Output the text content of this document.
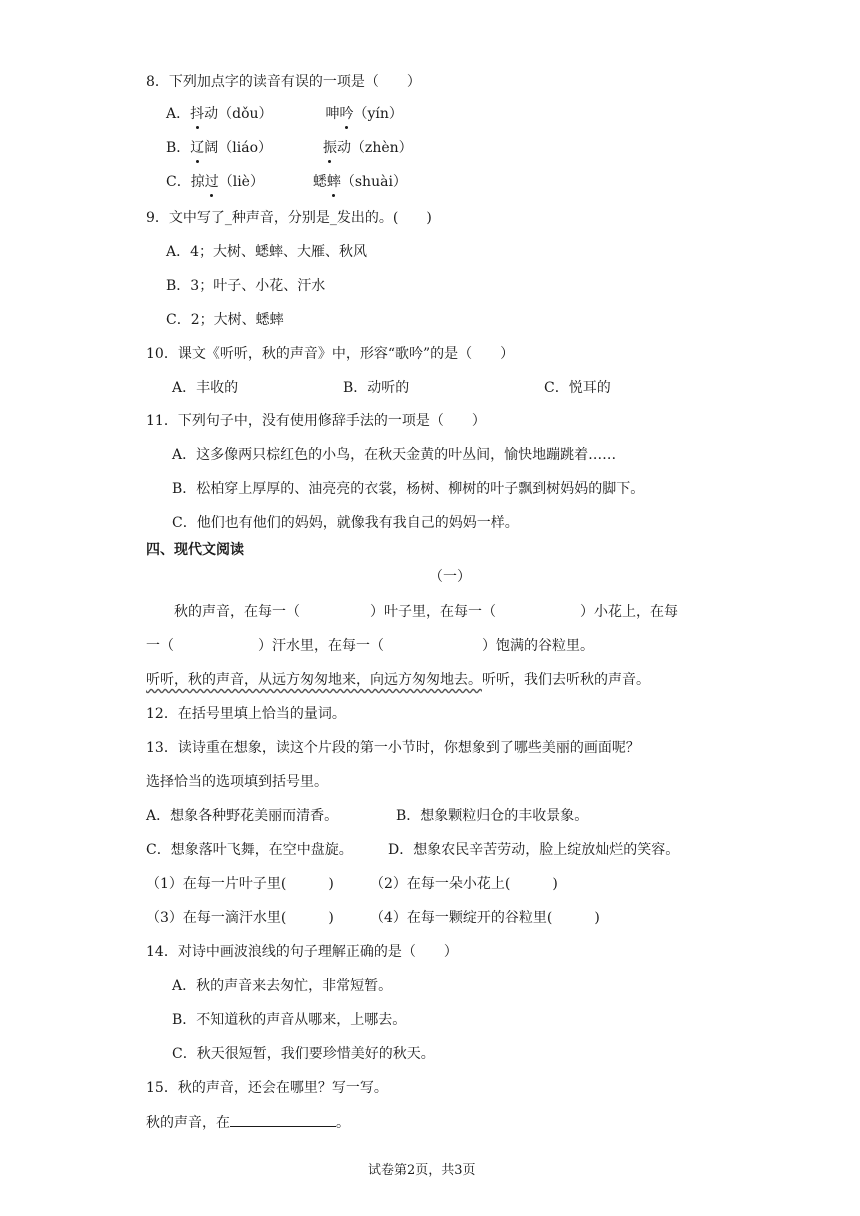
8．下列加点字的读音有误的一项是（　　）
A．抖动（dǒu）	呻吟（yín）
B．辽阔（liáo）	振动（zhèn）
C．掠过（liè）	蟋蟀（shuài）
9．文中写了_种声音，分别是_发出的。(　　)
A．4；大树、蟋蟀、大雁、秋风
B．3；叶子、小花、汗水
C．2；大树、蟋蟀
10．课文《听听，秋的声音》中，形容“歌吟”的是（　　）
A．丰收的	B．动听的	C．悦耳的
11．下列句子中，没有使用修辞手法的一项是（　　）
A．这多像两只棕红色的小鸟，在秋天金黄的叶丛间，愉快地蹦跳着……
B．松柏穿上厚厚的、油亮亮的衣裳，杨树、柳树的叶子飘到树妈妈的脚下。
C．他们也有他们的妈妈，就像我有我自己的妈妈一样。
四、现代文阅读
（一）
秋的声音，在每一（　　　　　）叶子里，在每一（　　　　　　）小花上，在每
一（　　　　　　）汗水里，在每一（　　　　　　　）饱满的谷粒里。
听听，秋的声音，从远方匆匆地来，向远方匆匆地去。听听，我们去听秋的声音。
12．在括号里填上恰当的量词。
13．读诗重在想象，读这个片段的第一小节时，你想象到了哪些美丽的画面呢？
选择恰当的选项填到括号里。
A．想象各种野花美丽而清香。	B．想象颗粒归仓的丰收景象。
C．想象落叶飞舞，在空中盘旋。	D．想象农民辛苦劳动，脸上绽放灿烂的笑容。
（1）在每一片叶子里(　　　)	（2）在每一朵小花上(　　　)
（3）在每一滴汗水里(　　　)	（4）在每一颗绽开的谷粒里(　　　)
14．对诗中画波浪线的句子理解正确的是（　　）
A．秋的声音来去匆忙，非常短暂。
B．不知道秋的声音从哪来，上哪去。
C．秋天很短暂，我们要珍惜美好的秋天。
15．秋的声音，还会在哪里？写一写。
秋的声音，在	。
试卷第2页，共3页
